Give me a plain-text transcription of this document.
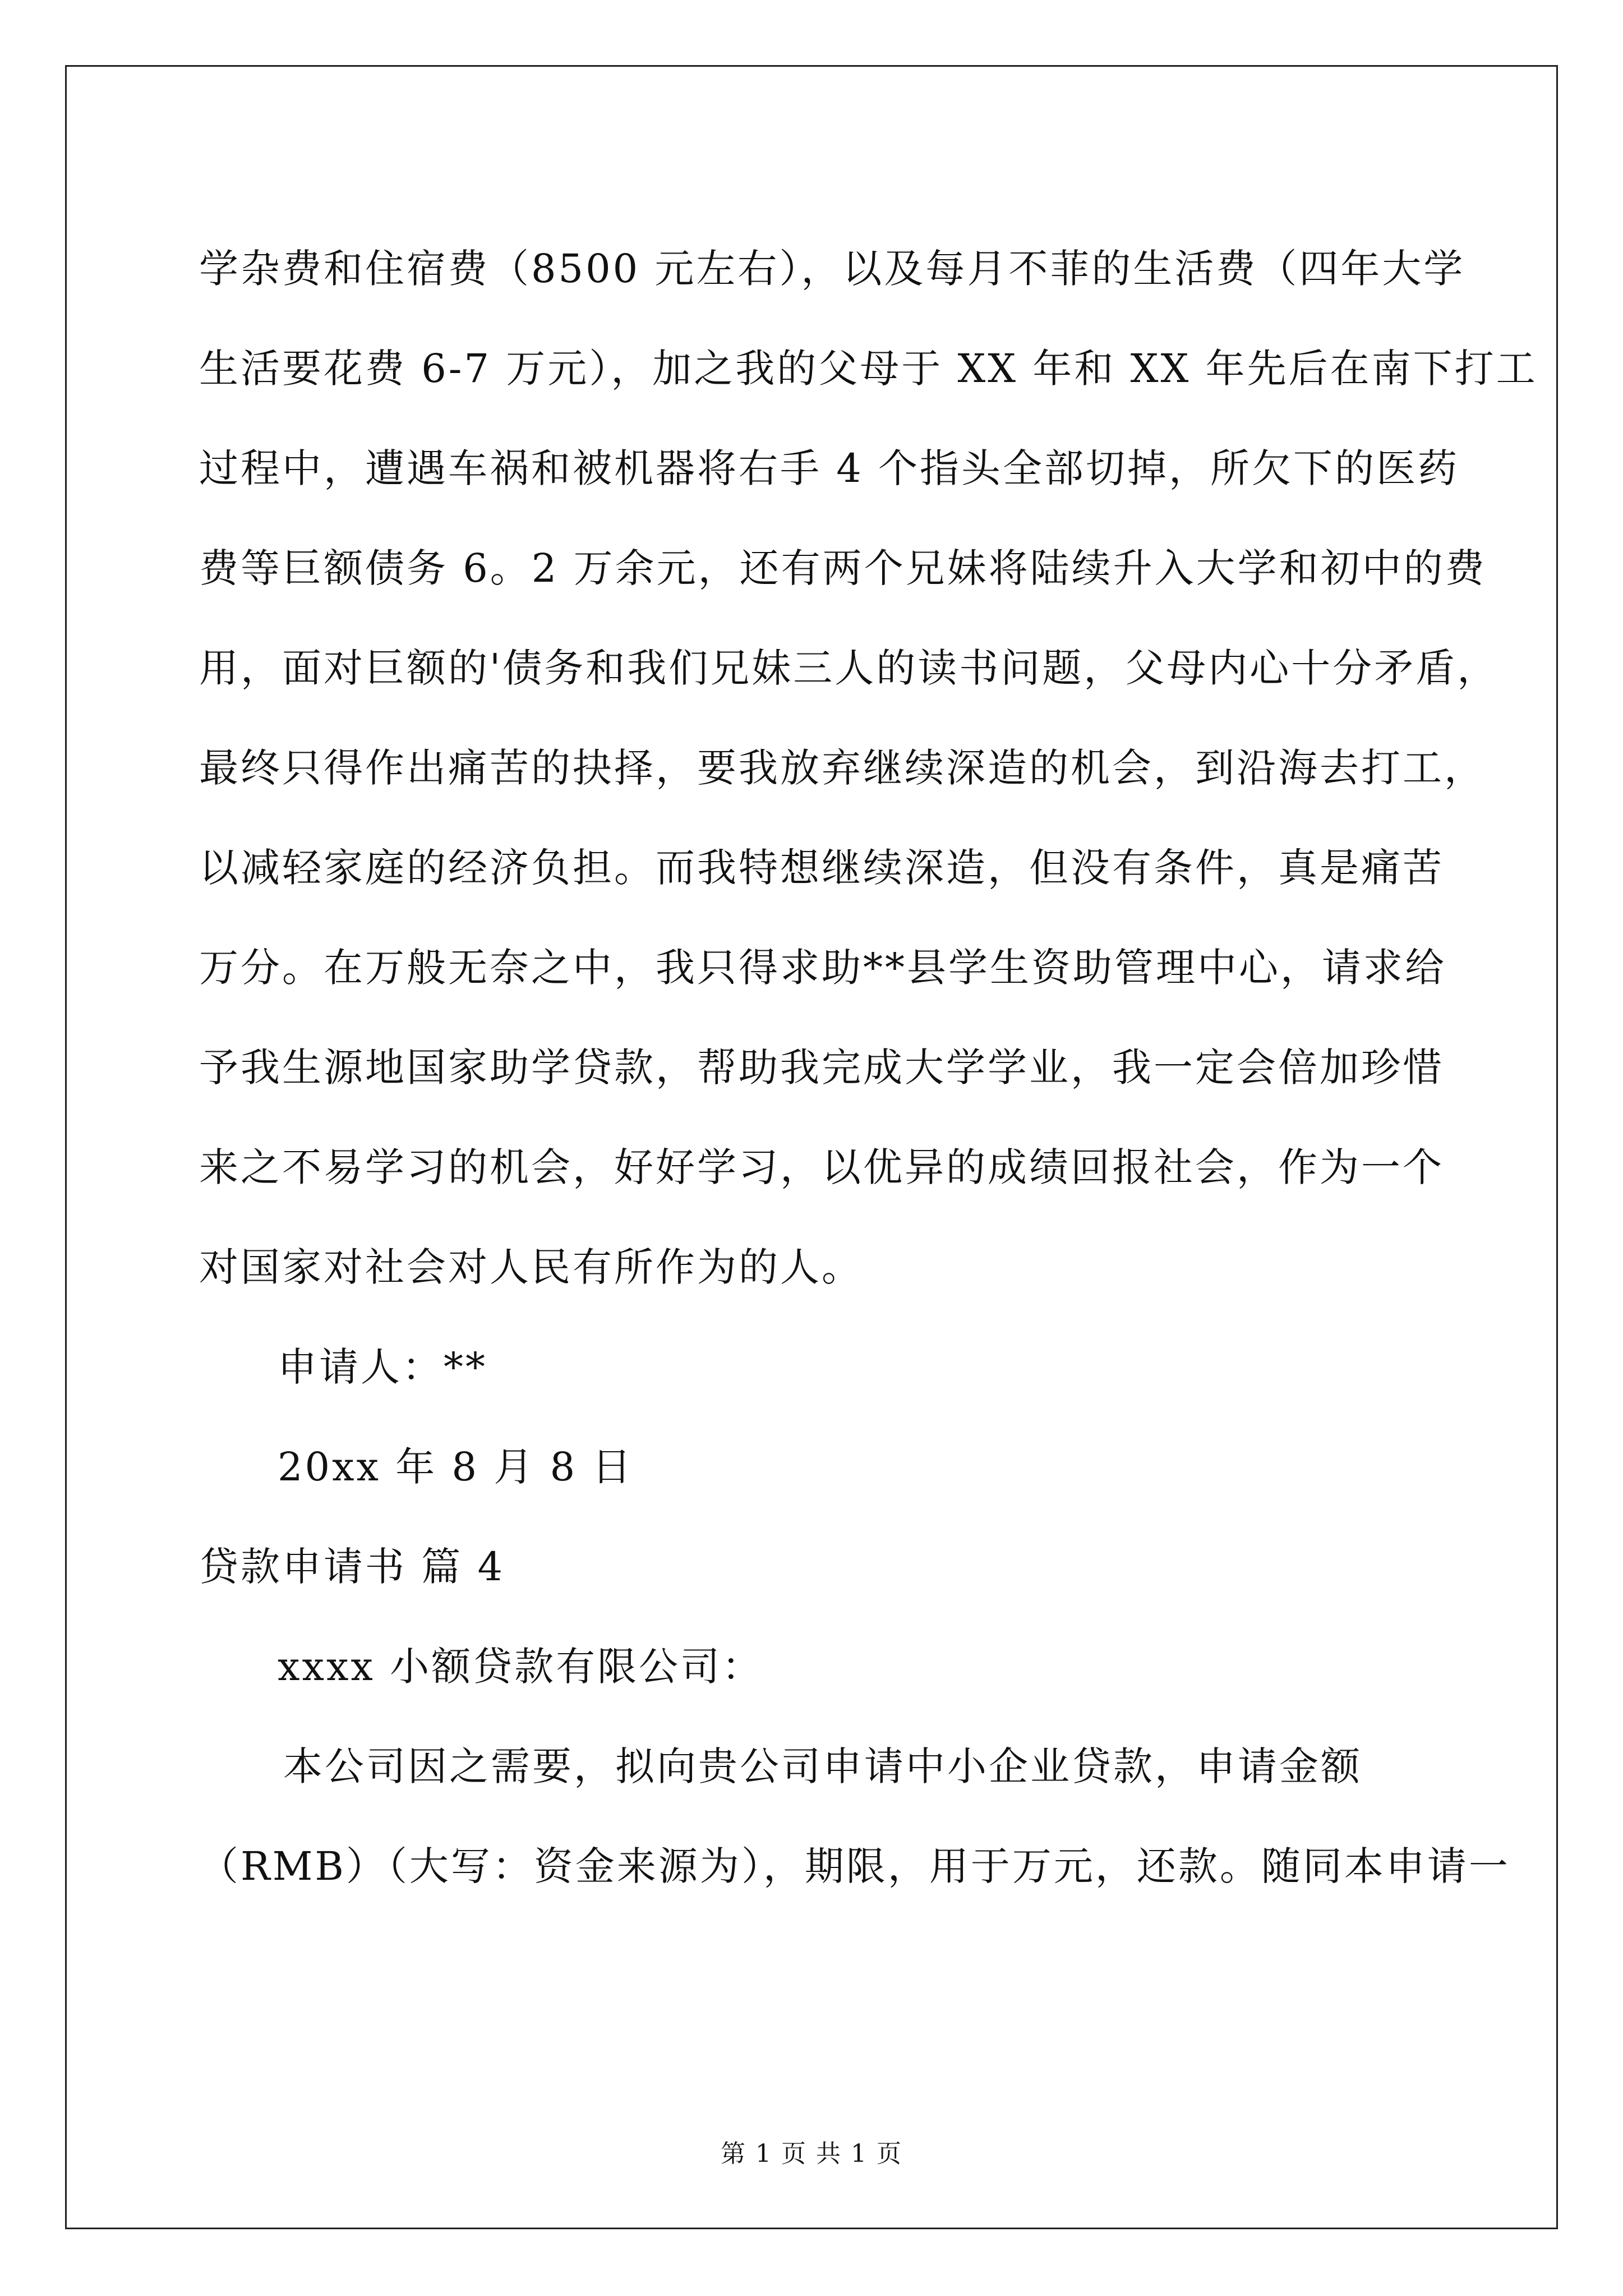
学杂费和住宿费（8500 元左右），以及每月不菲的生活费（四年大学
生活要花费 6-7 万元），加之我的父母于 XX 年和 XX 年先后在南下打工
过程中，遭遇车祸和被机器将右手 4 个指头全部切掉，所欠下的医药
费等巨额债务 6。2 万余元，还有两个兄妹将陆续升入大学和初中的费
用，面对巨额的'债务和我们兄妹三人的读书问题，父母内心十分矛盾，
最终只得作出痛苦的抉择，要我放弃继续深造的机会，到沿海去打工，
以减轻家庭的经济负担。而我特想继续深造，但没有条件，真是痛苦
万分。在万般无奈之中，我只得求助**县学生资助管理中心，请求给
予我生源地国家助学贷款，帮助我完成大学学业，我一定会倍加珍惜
来之不易学习的机会，好好学习，以优异的成绩回报社会，作为一个
对国家对社会对人民有所作为的人。
申请人：**
20xx 年 8 月 8 日
贷款申请书 篇 4
xxxx 小额贷款有限公司：
本公司因之需要，拟向贵公司申请中小企业贷款，申请金额
（RMB）（大写：资金来源为），期限，用于万元，还款。随同本申请一
第 1 页 共 1 页
